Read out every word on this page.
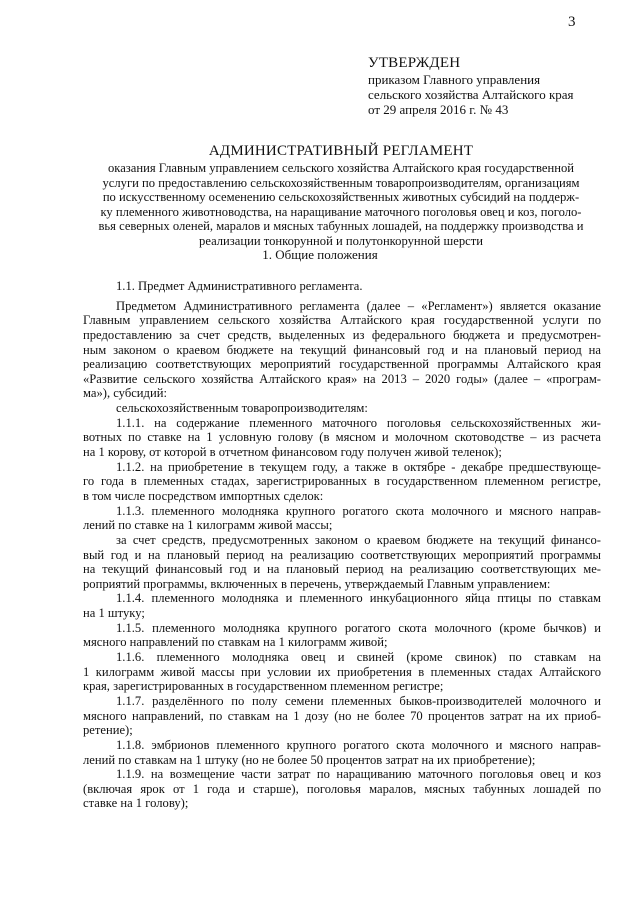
3
УТВЕРЖДЕН
приказом Главного управления
сельского хозяйства Алтайского края
от 29 апреля 2016 г. № 43
АДМИНИСТРАТИВНЫЙ РЕГЛАМЕНТ
оказания Главным управлением сельского хозяйства Алтайского края государственной
услуги по предоставлению сельскохозяйственным товаропроизводителям, организациям
по искусственному осеменению сельскохозяйственных животных субсидий на поддерж-
ку племенного животноводства, на наращивание маточного поголовья овец и коз, поголо-
вья северных оленей, маралов и мясных табунных лошадей, на поддержку производства и
реализации тонкорунной и полутонкорунной шерсти
1. Общие положения
1.1. Предмет Административного регламента.
Предметом Административного регламента (далее – «Регламент») является оказание
Главным управлением сельского хозяйства Алтайского края государственной услуги по
предоставлению за счет средств, выделенных из федерального бюджета и предусмотрен-
ным законом о краевом бюджете на текущий финансовый год и на плановый период на
реализацию соответствующих мероприятий государственной программы Алтайского края
«Развитие сельского хозяйства Алтайского края» на 2013 – 2020 годы» (далее – «програм-
ма»), субсидий:
сельскохозяйственным товаропроизводителям:
1.1.1. на содержание племенного маточного поголовья сельскохозяйственных жи-
вотных по ставке на 1 условную голову (в мясном и молочном скотоводстве – из расчета
на 1 корову, от которой в отчетном финансовом году получен живой теленок);
1.1.2. на приобретение в текущем году, а также в октябре - декабре предшествующе-
го года в племенных стадах, зарегистрированных в государственном племенном регистре,
в том числе посредством импортных сделок:
1.1.3. племенного молодняка крупного рогатого скота молочного и мясного направ-
лений по ставке на 1 килограмм живой массы;
за счет средств, предусмотренных законом о краевом бюджете на текущий финансо-
вый год и на плановый период на реализацию соответствующих мероприятий программы
на текущий финансовый год и на плановый период на реализацию соответствующих ме-
роприятий программы, включенных в перечень, утверждаемый Главным управлением:
1.1.4. племенного молодняка и племенного инкубационного яйца птицы по ставкам
на 1 штуку;
1.1.5. племенного молодняка крупного рогатого скота молочного (кроме бычков) и
мясного направлений по ставкам на 1 килограмм живой;
1.1.6. племенного молодняка овец и свиней (кроме свинок) по ставкам на
1 килограмм живой массы при условии их приобретения в племенных стадах Алтайского
края, зарегистрированных в государственном племенном регистре;
1.1.7. разделённого по полу семени племенных быков-производителей молочного и
мясного направлений, по ставкам на 1 дозу (но не более 70 процентов затрат на их приоб-
ретение);
1.1.8. эмбрионов племенного крупного рогатого скота молочного и мясного направ-
лений по ставкам на 1 штуку (но не более 50 процентов затрат на их приобретение);
1.1.9. на возмещение части затрат по наращиванию маточного поголовья овец и коз
(включая ярок от 1 года и старше), поголовья маралов, мясных табунных лошадей по
ставке на 1 голову);
